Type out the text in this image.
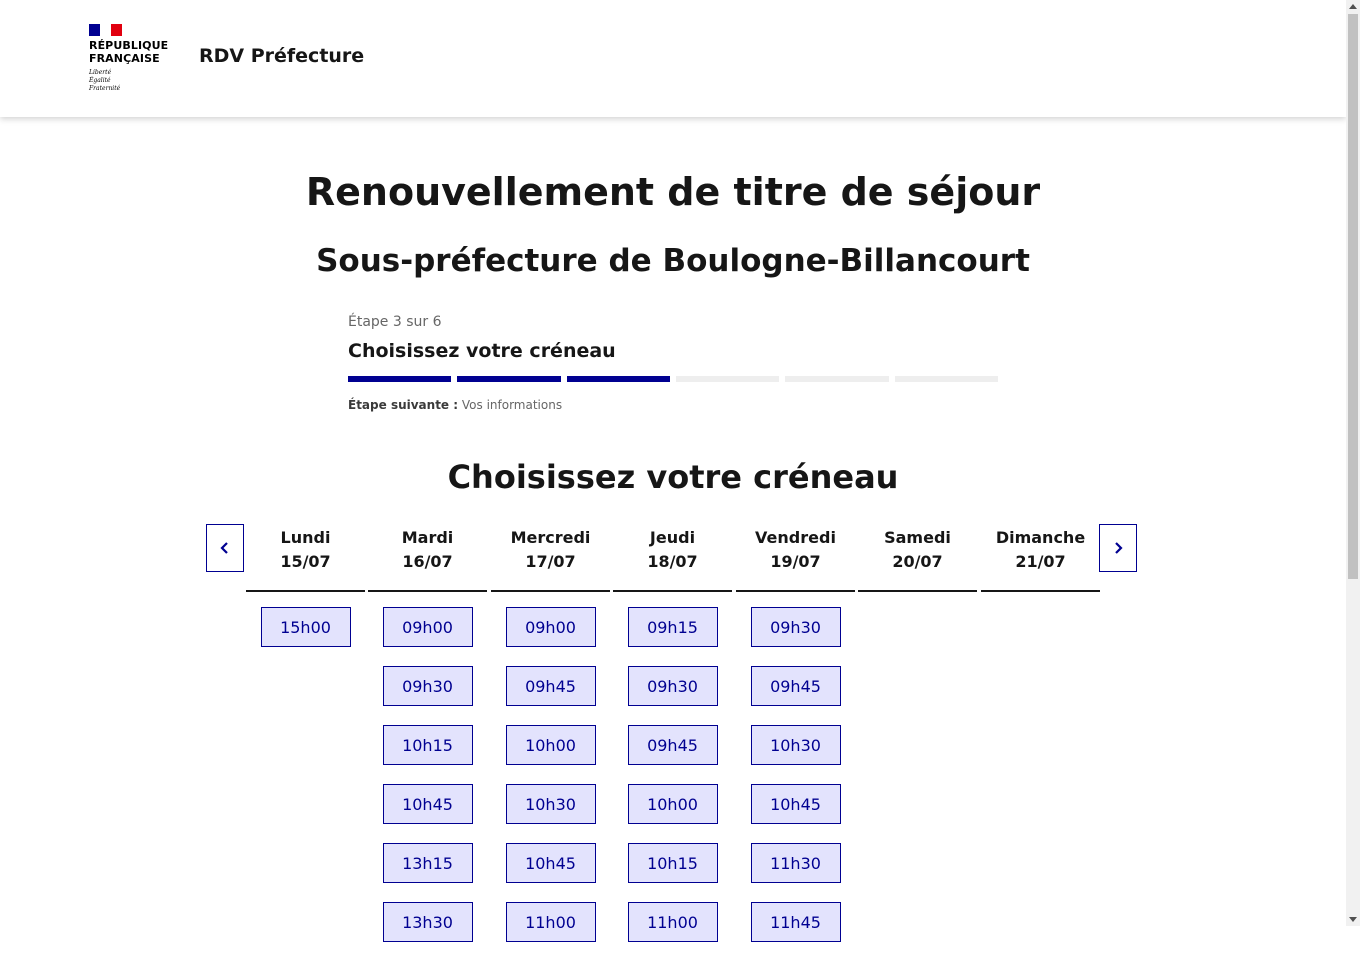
RÉPUBLIQUE
FRANÇAISE
Liberté
Égalité
Fraternité
RDV Préfecture
Renouvellement de titre de séjour
Sous-préfecture de Boulogne-Billancourt
Étape 3 sur 6
Choisissez votre créneau
Étape suivante : Vos informations
Choisissez votre créneau
Lundi
15/07
15h00
Mardi
16/07
09h00
09h30
10h15
10h45
13h15
13h30
Mercredi
17/07
09h00
09h45
10h00
10h30
10h45
11h00
Jeudi
18/07
09h15
09h30
09h45
10h00
10h15
11h00
Vendredi
19/07
09h30
09h45
10h30
10h45
11h30
11h45
Samedi
20/07
Dimanche
21/07
